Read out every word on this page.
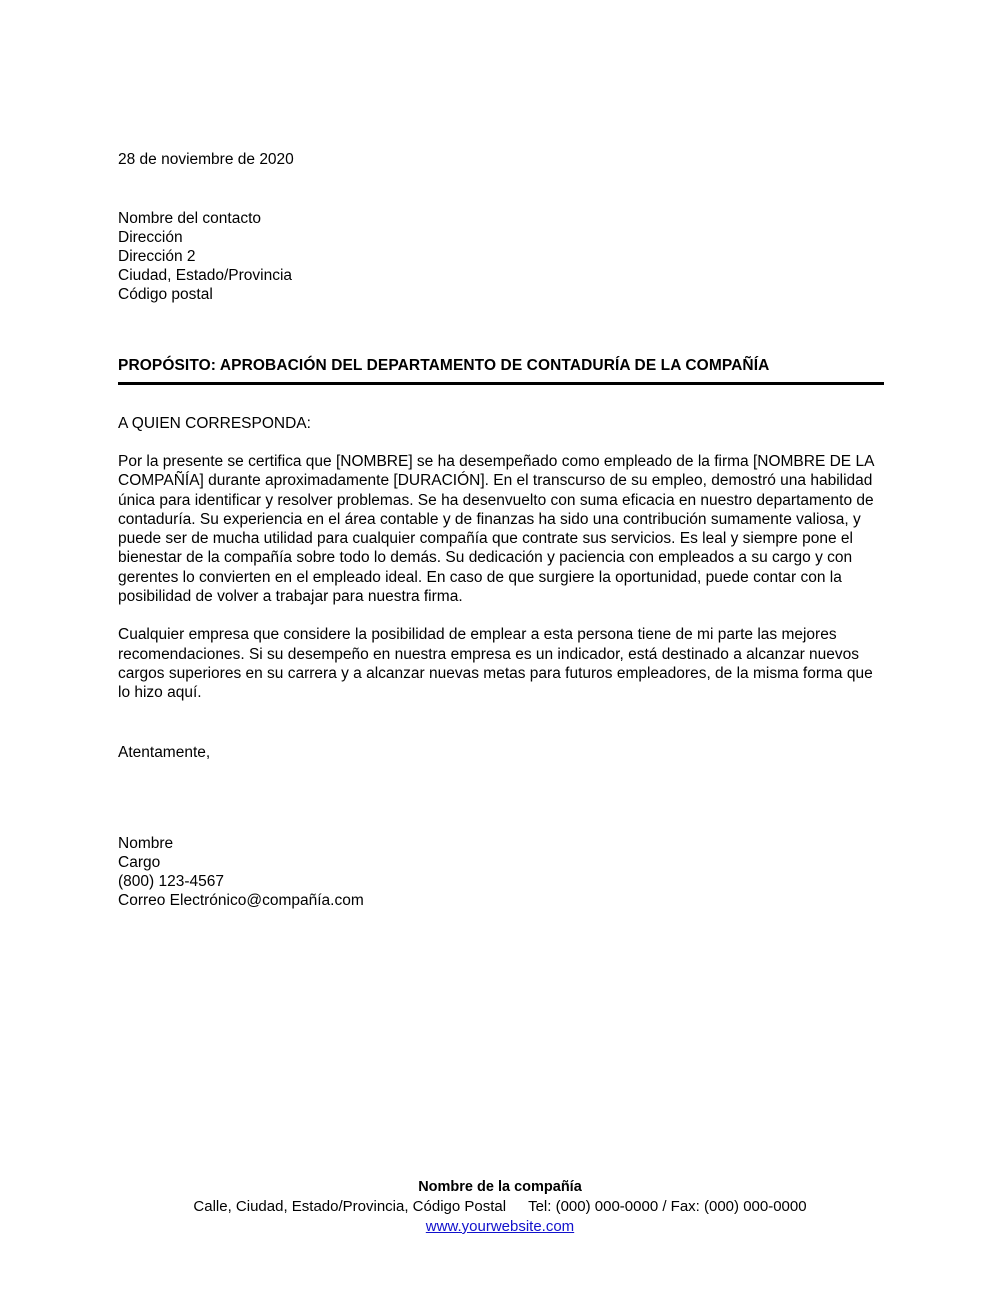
28 de noviembre de 2020
Nombre del contacto
Dirección
Dirección 2
Ciudad, Estado/Provincia
Código postal
PROPÓSITO: APROBACIÓN DEL DEPARTAMENTO DE CONTADURÍA DE LA COMPAÑÍA
A QUIEN CORRESPONDA:

Por la presente se certifica que [NOMBRE] se ha desempeñado como empleado de la firma [NOMBRE DE LA COMPAÑÍA] durante aproximadamente [DURACIÓN]. En el transcurso de su empleo, demostró una habilidad única para identificar y resolver problemas. Se ha desenvuelto con suma eficacia en nuestro departamento de contaduría. Su experiencia en el área contable y de finanzas ha sido una contribución sumamente valiosa, y puede ser de mucha utilidad para cualquier compañía que contrate sus servicios. Es leal y siempre pone el bienestar de la compañía sobre todo lo demás. Su dedicación y paciencia con empleados a su cargo y con gerentes lo convierten en el empleado ideal. En caso de que surgiere la oportunidad, puede contar con la posibilidad de volver a trabajar para nuestra firma.

Cualquier empresa que considere la posibilidad de emplear a esta persona tiene de mi parte las mejores recomendaciones. Si su desempeño en nuestra empresa es un indicador, está destinado a alcanzar nuevos cargos superiores en su carrera y a alcanzar nuevas metas para futuros empleadores, de la misma forma que lo hizo aquí.

Atentamente,
Nombre
Cargo
(800) 123-4567
Correo Electrónico@compañía.com
Nombre de la compañía
Calle, Ciudad, Estado/Provincia, Código Postal Tel: (000) 000-0000 / Fax: (000) 000-0000
www.yourwebsite.com
